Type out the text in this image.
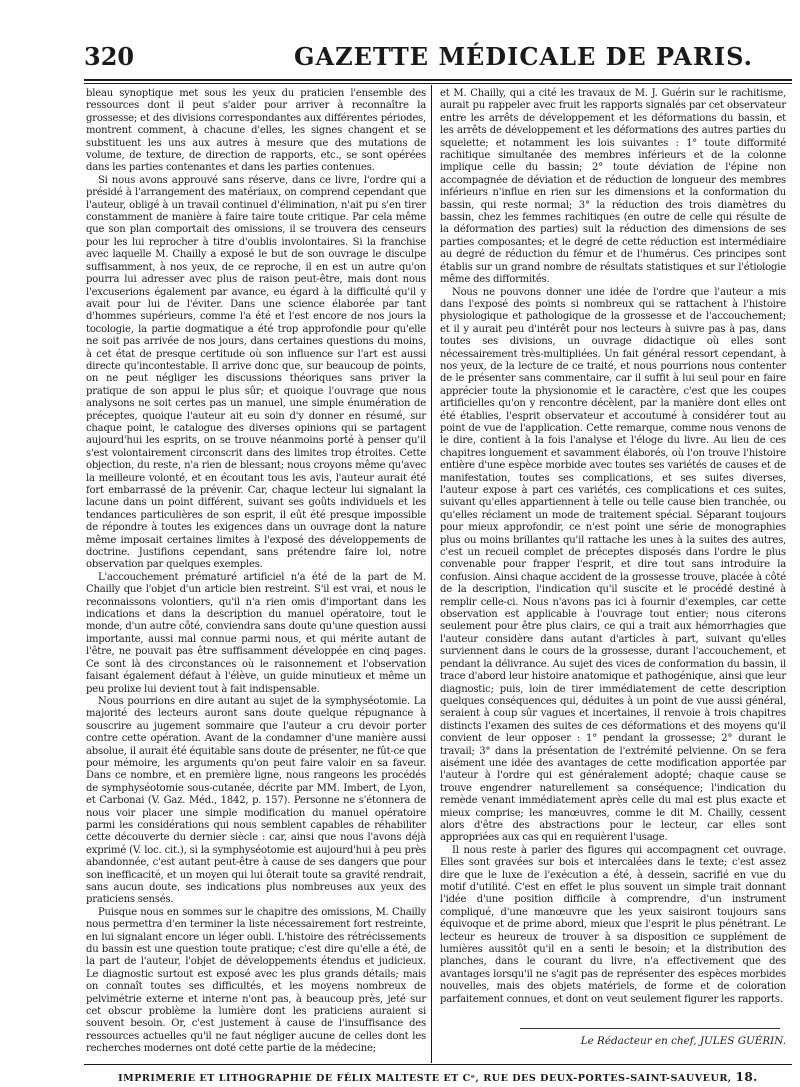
320	GAZETTE MÉDICALE DE PARIS.

bleau synoptique met sous les yeux du praticien l'ensemble des ressources dont il peut s'aider pour arriver à reconnaître la grossesse; et des divisions correspondantes aux différentes périodes, montrent comment, à chacune d'elles, les signes changent et se substituent les uns aux autres à mesure que des mutations de volume, de texture, de direction de rapports, etc., se sont opérées dans les parties contenantes et dans les parties contenues.

Si nous avons approuvé sans réserve, dans ce livre, l'ordre qui a présidé à l'arrangement des matériaux, on comprend cependant que l'auteur, obligé à un travail continuel d'élimination, n'ait pu s'en tirer constamment de manière à faire taire toute critique. Par cela même que son plan comportait des omissions, il se trouvera des censeurs pour les lui reprocher à titre d'oublis involontaires. Si la franchise avec laquelle M. Chailly a exposé le but de son ouvrage le disculpe suffisamment, à nos yeux, de ce reproche, il en est un autre qu'on pourra lui adresser avec plus de raison peut-être, mais dont nous l'excuserions également par avance, eu égard à la difficulté qu'il y avait pour lui de l'éviter. Dans une science élaborée par tant d'hommes supérieurs, comme l'a été et l'est encore de nos jours la tocologie, la partie dogmatique a été trop approfondie pour qu'elle ne soit pas arrivée de nos jours, dans certaines questions du moins, à cet état de presque certitude où son influence sur l'art est aussi directe qu'incontestable. Il arrive donc que, sur beaucoup de points, on ne peut négliger les discussions théoriques sans priver la pratique de son appui le plus sûr; et quoique l'ouvrage que nous analysons ne soit certes pas un manuel, une simple énumération de préceptes, quoique l'auteur ait eu soin d'y donner en résumé, sur chaque point, le catalogue des diverses opinions qui se partagent aujourd'hui les esprits, on se trouve néanmoins porté à penser qu'il s'est volontairement circonscrit dans des limites trop étroites. Cette objection, du reste, n'a rien de blessant; nous croyons même qu'avec la meilleure volonté, et en écoutant tous les avis, l'auteur aurait été fort embarrassé de la prévenir. Car, chaque lecteur lui signalant la lacune dans un point différent, suivant ses goûts individuels et les tendances particulières de son esprit, il eût été presque impossible de répondre à toutes les exigences dans un ouvrage dont la nature même imposait certaines limites à l'exposé des développements de doctrine. Justifions cependant, sans prétendre faire loi, notre observation par quelques exemples.

L'accouchement prématuré artificiel n'a été de la part de M. Chailly que l'objet d'un article bien restreint. S'il est vrai, et nous le reconnaissons volontiers, qu'il n'a rien omis d'important dans les indications et dans la description du manuel opératoire, tout le monde, d'un autre côté, conviendra sans doute qu'une question aussi importante, aussi mal connue parmi nous, et qui mérite autant de l'être, ne pouvait pas être suffisamment développée en cinq pages. Ce sont là des circonstances où le raisonnement et l'observation faisant également défaut à l'élève, un guide minutieux et même un peu prolixe lui devient tout à fait indispensable.

Nous pourrions en dire autant au sujet de la symphyséotomie. La majorité des lecteurs auront sans doute quelque répugnance à souscrire au jugement sommaire que l'auteur a cru devoir porter contre cette opération. Avant de la condamner d'une manière aussi absolue, il aurait été équitable sans doute de présenter, ne fût-ce que pour mémoire, les arguments qu'on peut faire valoir en sa faveur. Dans ce nombre, et en première ligne, nous rangeons les procédés de symphyséotomie sous-cutanée, décrite par MM. Imbert, de Lyon, et Carbonai (V. Gaz. Méd., 1842, p. 157). Personne ne s'étonnera de nous voir placer une simple modification du manuel opératoire parmi les considérations qui nous semblent capables de réhabiliter cette découverte du dernier siècle : car, ainsi que nous l'avons déjà exprimé (V. loc. cit.), si la symphyséotomie est aujourd'hui à peu près abandonnée, c'est autant peut-être à cause de ses dangers que pour son inefficacité, et un moyen qui lui ôterait toute sa gravité rendrait, sans aucun doute, ses indications plus nombreuses aux yeux des praticiens sensés.

Puisque nous en sommes sur le chapitre des omissions, M. Chailly nous permettra d'en terminer la liste nécessairement fort restreinte, en lui signalant encore un léger oubli. L'histoire des rétrécissements du bassin est une question toute pratique; c'est dire qu'elle a été, de la part de l'auteur, l'objet de développements étendus et judicieux. Le diagnostic surtout est exposé avec les plus grands détails; mais on connaît toutes ses difficultés, et les moyens nombreux de pelvimétrie externe et interne n'ont pas, à beaucoup près, jeté sur cet obscur problème la lumière dont les praticiens auraient si souvent besoin. Or, c'est justement à cause de l'insuffisance des ressources actuelles qu'il ne faut négliger aucune de celles dont les recherches modernes ont doté cette partie de la médecine;

et M. Chailly, qui a cité les travaux de M. J. Guérin sur le rachitisme, aurait pu rappeler avec fruit les rapports signalés par cet observateur entre les arrêts de développement et les déformations du bassin, et les arrêts de développement et les déformations des autres parties du squelette; et notamment les lois suivantes : 1° toute difformité rachitique simultanée des membres inférieurs et de la colonne implique celle du bassin; 2° toute déviation de l'épine non accompagnée de déviation et de réduction de longueur des membres inférieurs n'influe en rien sur les dimensions et la conformation du bassin, qui reste normal; 3° la réduction des trois diamètres du bassin, chez les femmes rachitiques (en outre de celle qui résulte de la déformation des parties) suit la réduction des dimensions de ses parties composantes; et le degré de cette réduction est intermédiaire au degré de réduction du fémur et de l'humérus. Ces principes sont établis sur un grand nombre de résultats statistiques et sur l'étiologie même des difformités.

Nous ne pouvons donner une idée de l'ordre que l'auteur a mis dans l'exposé des points si nombreux qui se rattachent à l'histoire physiologique et pathologique de la grossesse et de l'accouchement; et il y aurait peu d'intérêt pour nos lecteurs à suivre pas à pas, dans toutes ses divisions, un ouvrage didactique où elles sont nécessairement très-multipliées. Un fait général ressort cependant, à nos yeux, de la lecture de ce traité, et nous pourrions nous contenter de le présenter sans commentaire, car il suffit à lui seul pour en faire apprécier toute la physionomie et le caractère, c'est que les coupes artificielles qu'on y rencontre décèlent, par la manière dont elles ont été établies, l'esprit observateur et accoutumé à considérer tout au point de vue de l'application. Cette remarque, comme nous venons de le dire, contient à la fois l'analyse et l'éloge du livre. Au lieu de ces chapitres longuement et savamment élaborés, où l'on trouve l'histoire entière d'une espèce morbide avec toutes ses variétés de causes et de manifestation, toutes ses complications, et ses suites diverses, l'auteur expose à part ces variétés, ces complications et ces suites, suivant qu'elles appartiennent à telle ou telle cause bien tranchée, ou qu'elles réclament un mode de traitement spécial. Séparant toujours pour mieux approfondir, ce n'est point une série de monographies plus ou moins brillantes qu'il rattache les unes à la suites des autres, c'est un recueil complet de préceptes disposés dans l'ordre le plus convenable pour frapper l'esprit, et dire tout sans introduire la confusion. Ainsi chaque accident de la grossesse trouve, placée à côté de la description, l'indication qu'il suscite et le procédé destiné à remplir celle-ci. Nous n'avons pas ici à fournir d'exemples, car cette observation est applicable à l'ouvrage tout entier; nous citerons seulement pour être plus clairs, ce qui a trait aux hémorrhagies que l'auteur considère dans autant d'articles à part, suivant qu'elles surviennent dans le cours de la grossesse, durant l'accouchement, et pendant la délivrance. Au sujet des vices de conformation du bassin, il trace d'abord leur histoire anatomique et pathogénique, ainsi que leur diagnostic; puis, loin de tirer immédiatement de cette description quelques conséquences qui, déduites à un point de vue aussi général, seraient à coup sûr vagues et incertaines, il renvoie à trois chapitres distincts l'examen des suites de ces déformations et des moyens qu'il convient de leur opposer : 1° pendant la grossesse; 2° durant le travail; 3° dans la présentation de l'extrémité pelvienne. On se fera aisément une idée des avantages de cette modification apportée par l'auteur à l'ordre qui est généralement adopté; chaque cause se trouve engendrer naturellement sa conséquence; l'indication du remède venant immédiatement après celle du mal est plus exacte et mieux comprise; les manœuvres, comme le dit M. Chailly, cessent alors d'être des abstractions pour le lecteur, car elles sont appropriées aux cas qui en requièrent l'usage.

Il nous reste à parler des figures qui accompagnent cet ouvrage. Elles sont gravées sur bois et intercalées dans le texte; c'est assez dire que le luxe de l'exécution a été, à dessein, sacrifié en vue du motif d'utilité. C'est en effet le plus souvent un simple trait donnant l'idée d'une position difficile à comprendre, d'un instrument compliqué, d'une manœuvre que les yeux saisiront toujours sans équivoque et de prime abord, mieux que l'esprit le plus pénétrant. Le lecteur es heureux de trouver à sa disposition ce supplément de lumières aussitôt qu'il en a senti le besoin; et la distribution des planches, dans le courant du livre, n'a effectivement que des avantages lorsqu'il ne s'agit pas de représenter des espèces morbides nouvelles, mais des objets matériels, de forme et de coloration parfaitement connues, et dont on veut seulement figurer les rapports.

Le Rédacteur en chef, JULES GUÉRIN.
IMPRIMERIE ET LITHOGRAPHIE DE FÉLIX MALTESTE ET Cᵉ, RUE DES DEUX-PORTES-SAINT-SAUVEUR, 18.
